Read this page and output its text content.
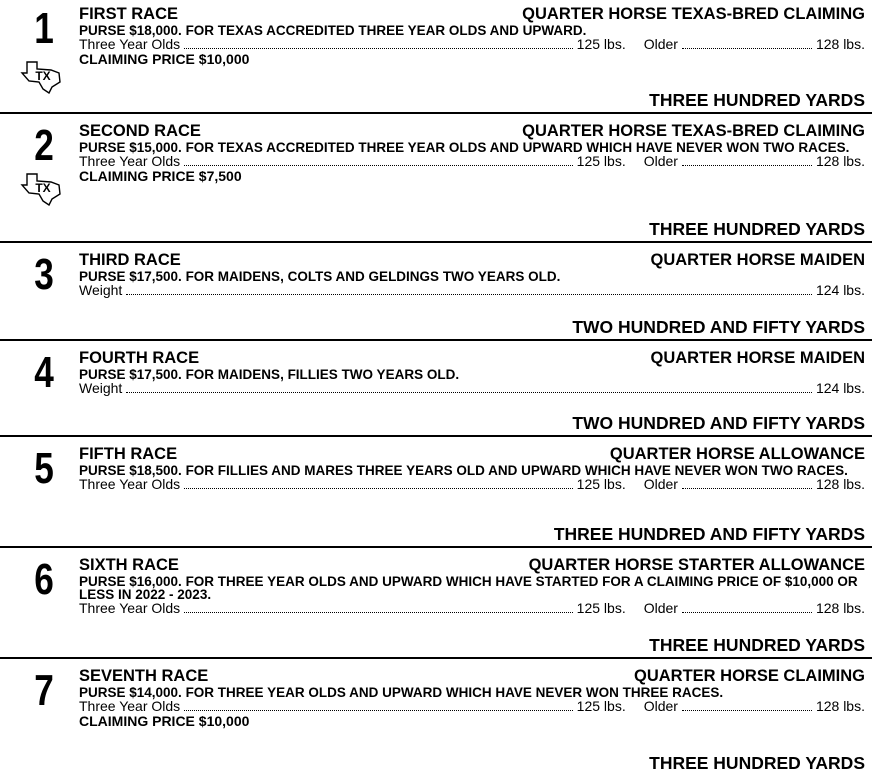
1
TX
FIRST RACE	QUARTER HORSE TEXAS-BRED CLAIMING
PURSE $18,000. FOR TEXAS ACCREDITED THREE YEAR OLDS AND UPWARD.
Three Year Olds	125 lbs. Older	128 lbs.
CLAIMING PRICE $10,000
THREE HUNDRED YARDS
2
TX
SECOND RACE	QUARTER HORSE TEXAS-BRED CLAIMING
PURSE $15,000. FOR TEXAS ACCREDITED THREE YEAR OLDS AND UPWARD WHICH HAVE NEVER WON TWO RACES.
Three Year Olds	125 lbs. Older	128 lbs.
CLAIMING PRICE $7,500
THREE HUNDRED YARDS
3	THIRD RACE	QUARTER HORSE MAIDEN
PURSE $17,500. FOR MAIDENS, COLTS AND GELDINGS TWO YEARS OLD.
Weight	124 lbs.
TWO HUNDRED AND FIFTY YARDS
4	FOURTH RACE	QUARTER HORSE MAIDEN
PURSE $17,500. FOR MAIDENS, FILLIES TWO YEARS OLD.
Weight	124 lbs.
TWO HUNDRED AND FIFTY YARDS
5	FIFTH RACE	QUARTER HORSE ALLOWANCE
PURSE $18,500. FOR FILLIES AND MARES THREE YEARS OLD AND UPWARD WHICH HAVE NEVER WON TWO RACES.
Three Year Olds	125 lbs. Older	128 lbs.
THREE HUNDRED AND FIFTY YARDS
6	SIXTH RACE	QUARTER HORSE STARTER ALLOWANCE
PURSE $16,000. FOR THREE YEAR OLDS AND UPWARD WHICH HAVE STARTED FOR A CLAIMING PRICE OF $10,000 OR LESS IN 2022 - 2023.
Three Year Olds	125 lbs. Older	128 lbs.
THREE HUNDRED YARDS
7	SEVENTH RACE	QUARTER HORSE CLAIMING
PURSE $14,000. FOR THREE YEAR OLDS AND UPWARD WHICH HAVE NEVER WON THREE RACES.
Three Year Olds	125 lbs. Older	128 lbs.
CLAIMING PRICE $10,000
THREE HUNDRED YARDS
